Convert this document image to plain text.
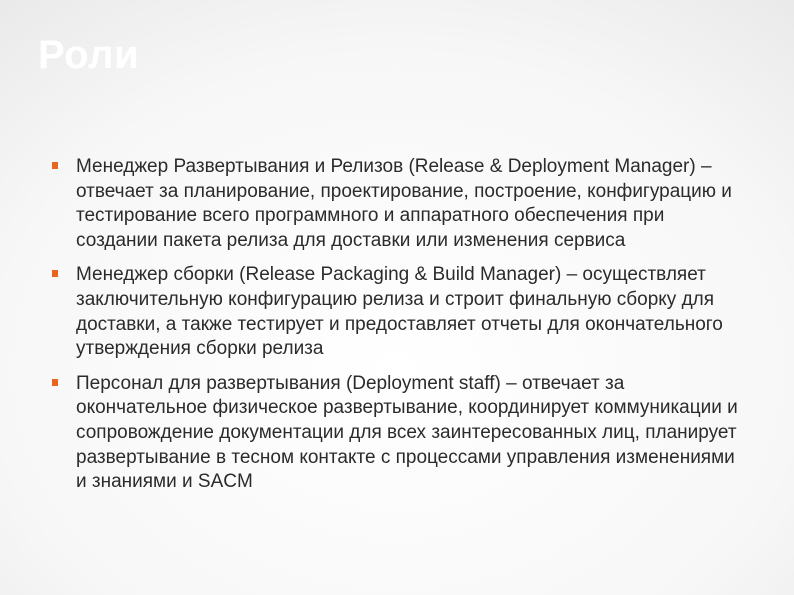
Роли
Менеджер Развертывания и Релизов (Release & Deployment Manager) – отвечает за планирование, проектирование, построение, конфигурацию и тестирование всего программного и аппаратного обеспечения при создании пакета релиза для доставки или изменения сервиса
Менеджер сборки (Release Packaging & Build Manager) – осуществляет заключительную конфигурацию релиза и строит финальную сборку для доставки, а также тестирует и предоставляет отчеты для окончательного утверждения сборки релиза
Персонал для развертывания (Deployment staff) – отвечает за окончательное физическое развертывание, координирует коммуникации и сопровождение документации для всех заинтересованных лиц, планирует развертывание в тесном контакте с процессами управления изменениями и знаниями и SACM
